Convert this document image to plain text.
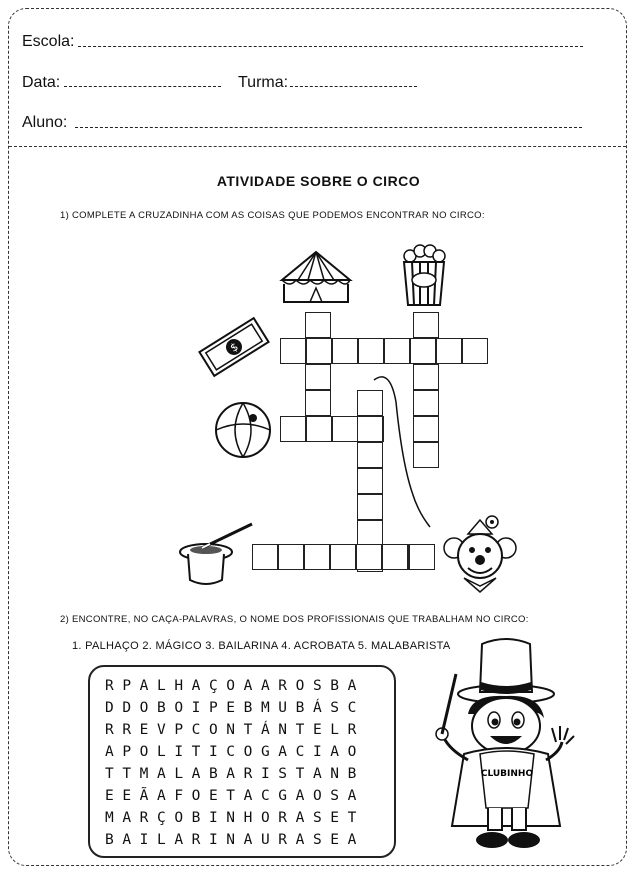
Escola:
Data:	Turma:
Aluno:
ATIVIDADE SOBRE O CIRCO
1) COMPLETE A CRUZADINHA COM AS COISAS QUE PODEMOS ENCONTRAR NO CIRCO:
$
2) ENCONTRE, NO CAÇA-PALAVRAS, O NOME DOS PROFISSIONAIS QUE TRABALHAM NO CIRCO:
1. PALHAÇO 2. MÁGICO 3. BAILARINA 4. ACROBATA 5. MALABARISTA
RPALHAÇOAAROSBA
DDOBOIPEBMUBÁSC
RREVPCONTÁNTELR
APOLITICOGACIAO
TTMALABARISTANB
EEÃAFOETACGAOSA
MARÇOBINHORASET
BAILARINAURASEA
CLUBINHO
